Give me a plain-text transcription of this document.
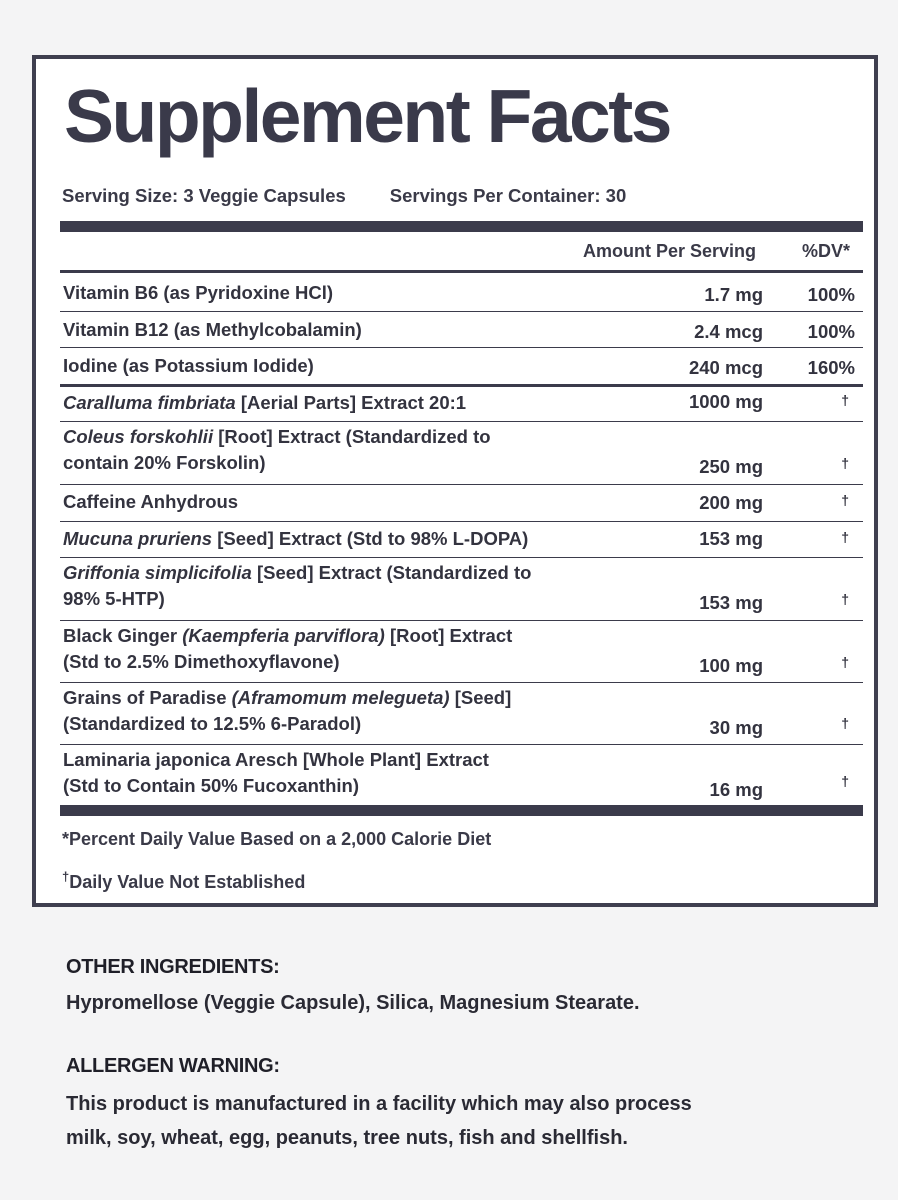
Supplement Facts
Serving Size: 3 Veggie Capsules Servings Per Container: 30
Amount Per Serving	%DV*
Vitamin B6 (as Pyridoxine HCl)	1.7 mg 100%
Vitamin B12 (as Methylcobalamin)	2.4 mcg 100%
Iodine (as Potassium Iodide)	240 mcg 160%
Caralluma fimbriata [Aerial Parts] Extract 20:1	1000 mg	†
Coleus forskohlii [Root] Extract (Standardized to
contain 20% Forskolin)	250 mg	†
Caffeine Anhydrous	200 mg	†
Mucuna pruriens [Seed] Extract (Std to 98% L-DOPA)	153 mg	†
Griffonia simplicifolia [Seed] Extract (Standardized to
98% 5-HTP)	153 mg	†
Black Ginger (Kaempferia parviflora) [Root] Extract
(Std to 2.5% Dimethoxyflavone)	100 mg	†
Grains of Paradise (Aframomum melegueta) [Seed]
(Standardized to 12.5% 6-Paradol)	30 mg	†
Laminaria japonica Aresch [Whole Plant] Extract
(Std to Contain 50% Fucoxanthin)	16 mg	†
*Percent Daily Value Based on a 2,000 Calorie Diet
†Daily Value Not Established
OTHER INGREDIENTS:
Hypromellose (Veggie Capsule), Silica, Magnesium Stearate.
ALLERGEN WARNING:
This product is manufactured in a facility which may also process
milk, soy, wheat, egg, peanuts, tree nuts, fish and shellfish.
